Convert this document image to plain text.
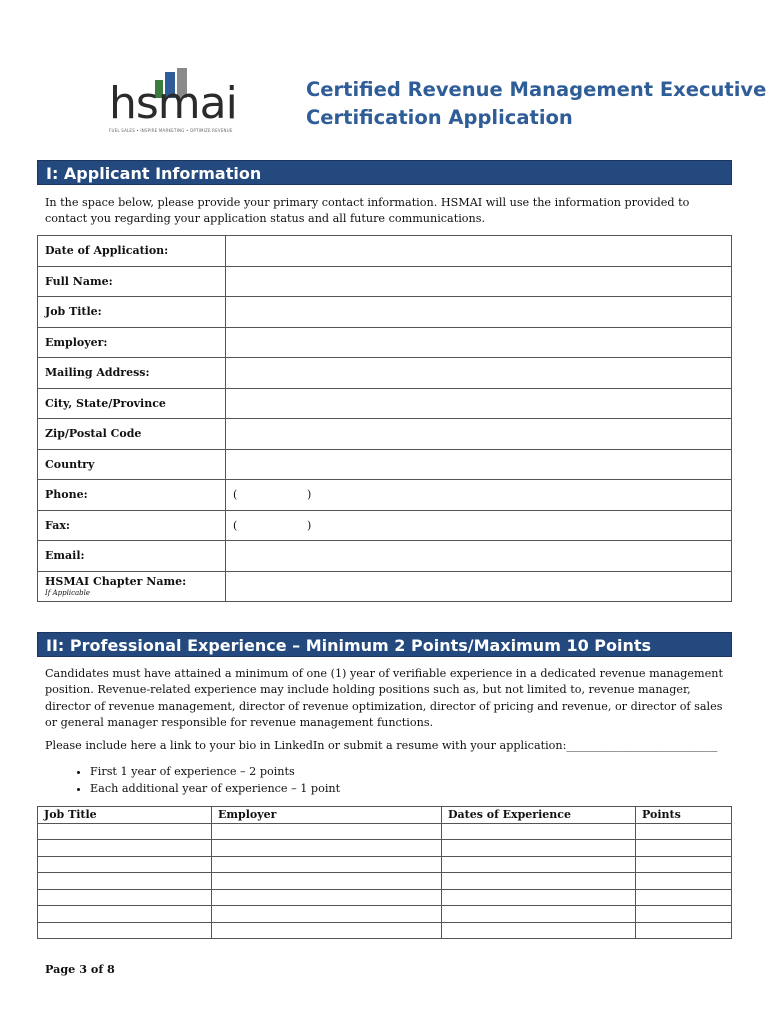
hsmai
FUEL SALES • INSPIRE MARKETING • OPTIMIZE REVENUE
Certified Revenue Management Executive
Certification Application
I: Applicant Information
In the space below, please provide your primary contact information. HSMAI will use the information provided to contact you regarding your application status and all future communications.
Date of Application:	
Full Name:	
Job Title:	
Employer:	
Mailing Address:	
City, State/Province	
Zip/Postal Code	
Country	
Phone:	( )

Fax:	( )

Email:	
HSMAI Chapter Name:
If Applicable	

II: Professional Experience – Minimum 2 Points/Maximum 10 Points
Candidates must have attained a minimum of one (1) year of verifiable experience in a dedicated revenue management position. Revenue-related experience may include holding positions such as, but not limited to, revenue manager, director of revenue management, director of revenue optimization, director of pricing and revenue, or director of sales or general manager responsible for revenue management functions.
Please include here a link to your bio in LinkedIn or submit a resume with your application:___________________________
• First 1 year of experience – 2 points
• Each additional year of experience – 1 point
Job Title	Employer	Dates of Experience	Points

Page 3 of 8
